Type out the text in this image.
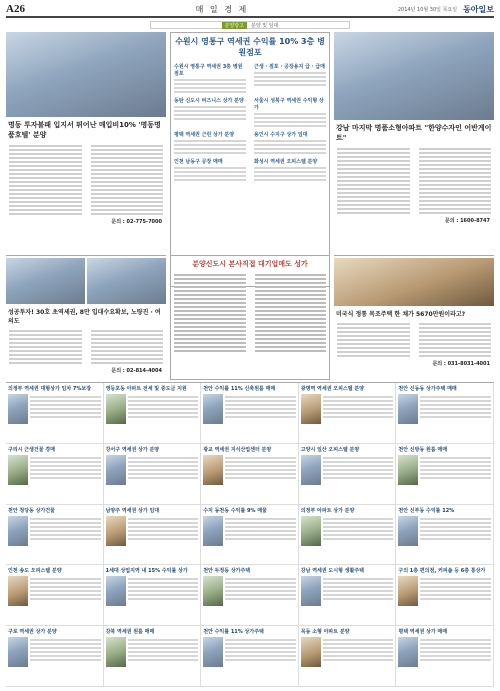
A26	매 일 경 제	2014년 10월 30일 목요일 동아일보
분양광고	분양 및 임대
수원시 영통구 역세권 수익률 10% 3층 병원점포
수원시 영통구 역세권 3층 병원점포
근생 · 점포 · 공장용지 급 · 급매
동탄 신도시 비즈니스 상가 분양	서울시 성북구 역세권 수익형 상가
평택 역세권 근린 상가 분양	용인시 수지구 상가 임대
인천 남동구 공장 매매	화성시 역세권 오피스텔 분양
명동 투자불패 입지서 뛰어난 매입비10% '명동명품호텔' 분양
문의 : 02-775-7000
강남 마지막 명품소형아파트 "한양수자인 어반게이트"
문의 : 1600-8747
성공투자! 30호 초역세권, 8만 입대수요확보, 노량진 · 여의도
문의 : 02-814-4004
분양신도시 본사직접 대기업매도 성가
미국식 정통 목조주택 한 채가 5670만원이라고?
문의 : 031-8031-4001
의정부 역세권 대형상가 임차 7%보장	영등포동 아파트 전세 및 중도금 지원	천안 수익률 11% 신축원룸 매매	광명역 역세권 오피스텔 분양	천안 신동동 상가주택 매매
구리시 근생건물 경매	강서구 역세권 상가 분양	광교 역세권 지식산업센터 분양	고양시 일산 오피스텔 분양	천안 신방동 원룸 매매
천안 청당동 상가건물	남양주 역세권 상가 임대	수지 동천동 수익률 9% 매물	의정부 아파트 상가 분양	천안 신부동 수익률 12%
인천 송도 오피스텔 분양	1세대 상업지역 내 15% 수익률 상가	천안 두정동 상가주택	강남 역세권 도시형 생활주택	구의 1층 편의점, 커피숍 등 6층 통상가
구로 역세권 상가 분양	강북 역세권 원룸 매매	천안 수익률 11% 상가주택	목동 소형 아파트 분양	평택 역세권 상가 매매
